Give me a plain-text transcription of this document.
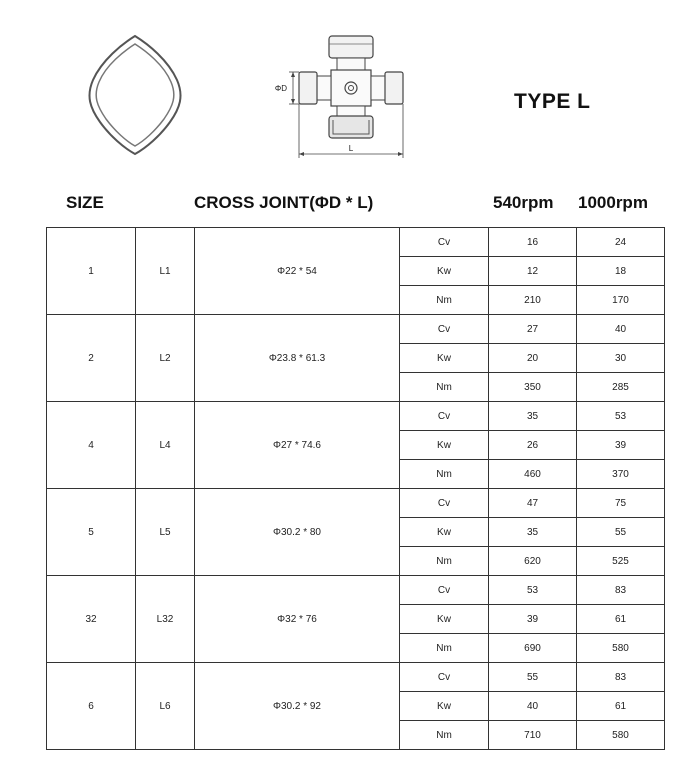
ΦD
L
TYPE L
SIZE	CROSS JOINT(ΦD * L)	540rpm 1000rpm
1	L1	Φ22 * 54	Cv	16	24
			Kw	12	18
			Nm	210	170
2	L2	Φ23.8 * 61.3	Cv	27	40
			Kw	20	30
			Nm	350	285
4	L4	Φ27 * 74.6	Cv	35	53
			Kw	26	39
			Nm	460	370
5	L5	Φ30.2 * 80	Cv	47	75
			Kw	35	55
			Nm	620	525
32	L32	Φ32 * 76	Cv	53	83
			Kw	39	61
			Nm	690	580
6	L6	Φ30.2 * 92	Cv	55	83
			Kw	40	61
			Nm	710	580
